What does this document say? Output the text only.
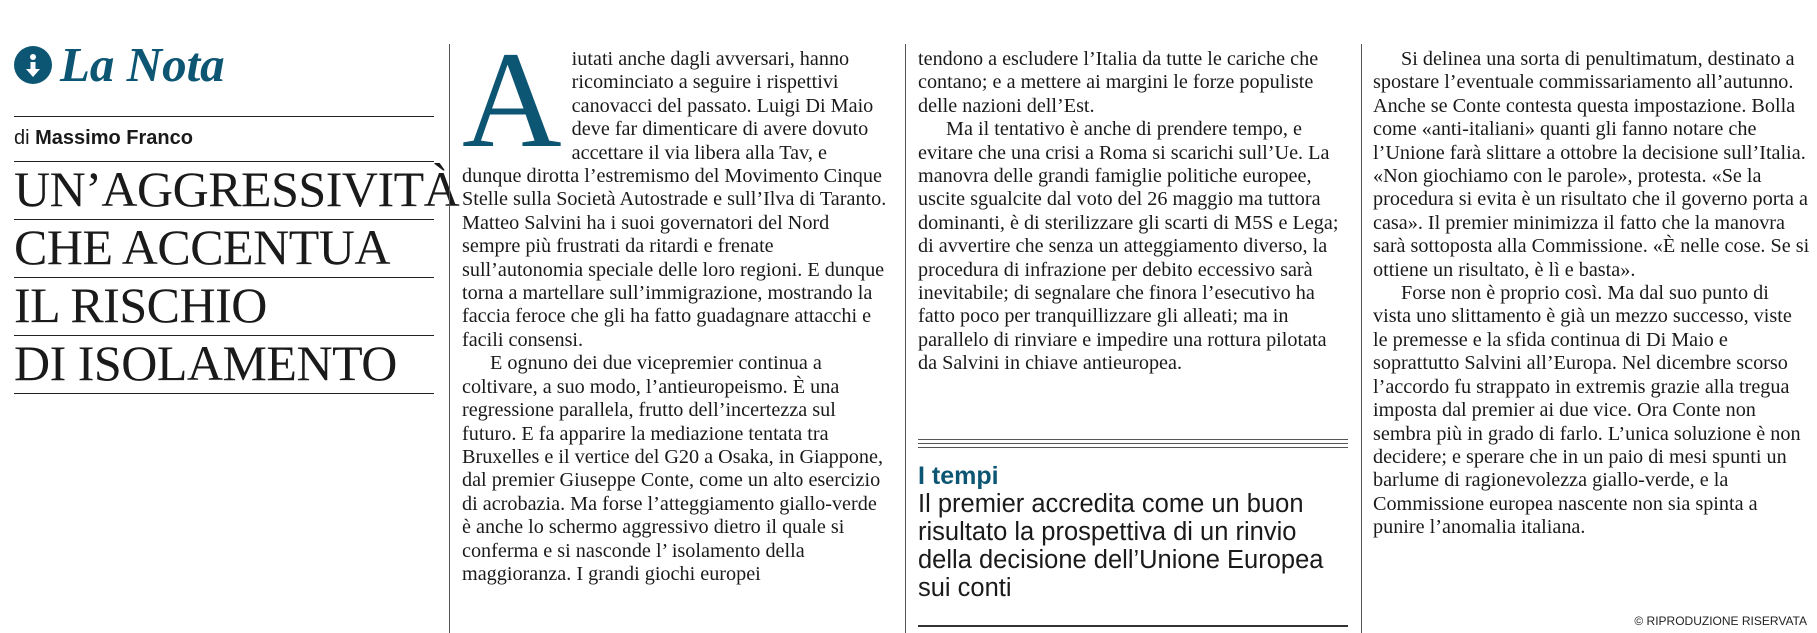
La Nota
di Massimo Franco
UN’AGGRESSIVITÀ
CHE ACCENTUA
IL RISCHIO
DI ISOLAMENTO

Aiutati anche dagli avversari, hanno ricominciato a seguire i rispettivi canovacci del passato. Luigi Di Maio deve far dimenticare di avere dovuto accettare il via libera alla Tav, e dunque dirotta l’estremismo del Movimento Cinque Stelle sulla Società Autostrade e sull’Ilva di Taranto. Matteo Salvini ha i suoi governatori del Nord sempre più frustrati da ritardi e frenate sull’autonomia speciale delle loro regioni. E dunque torna a martellare sull’immigrazione, mostrando la faccia feroce che gli ha fatto guadagnare attacchi e facili consensi.

E ognuno dei due vicepremier continua a coltivare, a suo modo, l’antieuropeismo. È una regressione parallela, frutto dell’incertezza sul futuro. E fa apparire la mediazione tentata tra Bruxelles e il vertice del G20 a Osaka, in Giappone, dal premier Giuseppe Conte, come un alto esercizio di acrobazia. Ma forse l’atteggiamento giallo-verde è anche lo schermo aggressivo dietro il quale si conferma e si nasconde l’ isolamento della maggioranza. I grandi giochi europei

tendono a escludere l’Italia da tutte le cariche che contano; e a mettere ai margini le forze populiste delle nazioni dell’Est.

Ma il tentativo è anche di prendere tempo, e evitare che una crisi a Roma si scarichi sull’Ue. La manovra delle grandi famiglie politiche europee, uscite sgualcite dal voto del 26 maggio ma tuttora dominanti, è di sterilizzare gli scarti di M5S e Lega; di avvertire che senza un atteggiamento diverso, la procedura di infrazione per debito eccessivo sarà inevitabile; di segnalare che finora l’esecutivo ha fatto poco per tranquillizzare gli alleati; ma in parallelo di rinviare e impedire una rottura pilotata da Salvini in chiave antieuropea.

I tempi
Il premier accredita come un buon risultato la prospettiva di un rinvio della decisione dell’Unione Europea sui conti

Si delinea una sorta di penultimatum, destinato a spostare l’eventuale commissariamento all’autunno. Anche se Conte contesta questa impostazione. Bolla come «anti-italiani» quanti gli fanno notare che l’Unione farà slittare a ottobre la decisione sull’Italia. «Non giochiamo con le parole», protesta. «Se la procedura si evita è un risultato che il governo porta a casa». Il premier minimizza il fatto che la manovra sarà sottoposta alla Commissione. «È nelle cose. Se si ottiene un risultato, è lì e basta».

Forse non è proprio così. Ma dal suo punto di vista uno slittamento è già un mezzo successo, viste le premesse e la sfida continua di Di Maio e soprattutto Salvini all’Europa. Nel dicembre scorso l’accordo fu strappato in extremis grazie alla tregua imposta dal premier ai due vice. Ora Conte non sembra più in grado di farlo. L’unica soluzione è non decidere; e sperare che in un paio di mesi spunti un barlume di ragionevolezza giallo-verde, e la Commissione europea nascente non sia spinta a punire l’anomalia italiana.

© RIPRODUZIONE RISERVATA
